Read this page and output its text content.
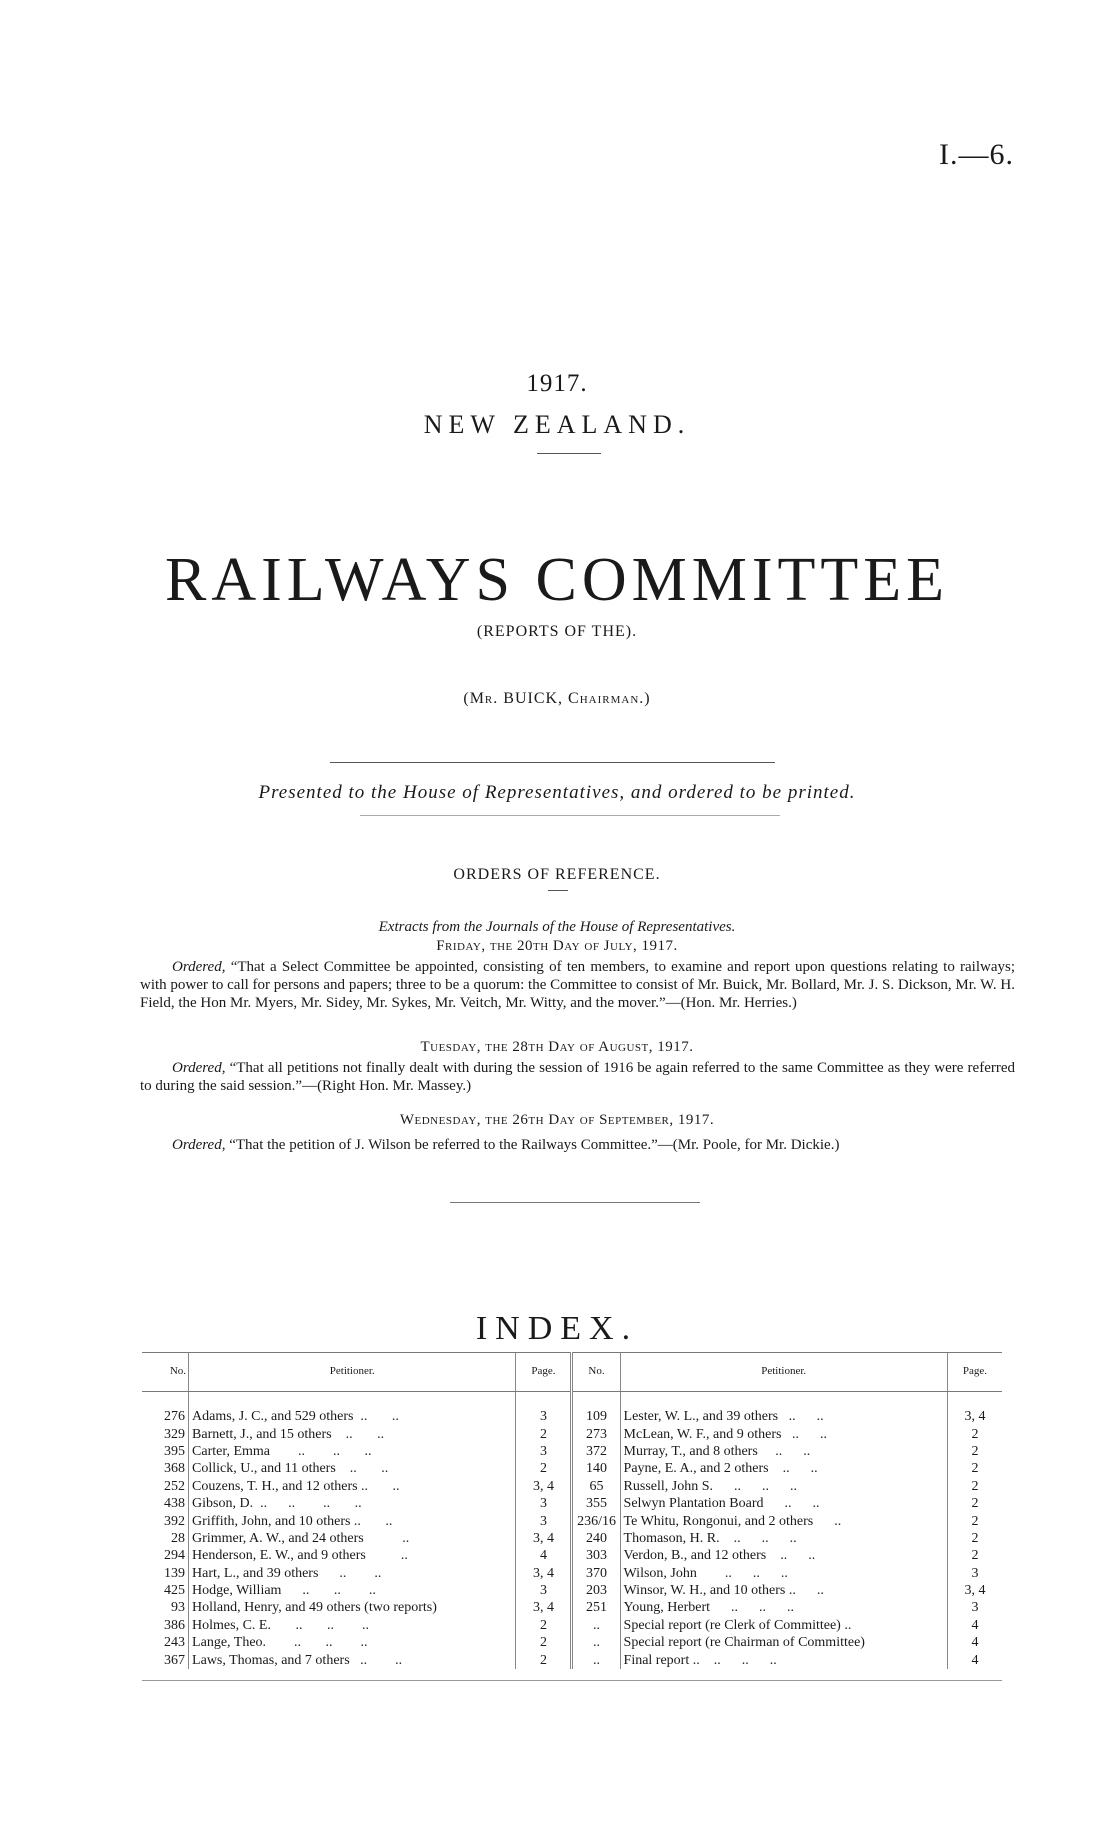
I.—6.
1917.
NEW ZEALAND.
RAILWAYS COMMITTEE
(REPORTS OF THE).
(Mr. BUICK, Chairman.)
Presented to the House of Representatives, and ordered to be printed.
ORDERS OF REFERENCE.
Extracts from the Journals of the House of Representatives.
Friday, the 20th Day of July, 1917.
Ordered, “That a Select Committee be appointed, consisting of ten members, to examine and report upon questions relating to railways; with power to call for persons and papers; three to be a quorum: the Committee to consist of Mr. Buick, Mr. Bollard, Mr. J. S. Dickson, Mr. W. H. Field, the Hon Mr. Myers, Mr. Sidey, Mr. Sykes, Mr. Veitch, Mr. Witty, and the mover.”—(Hon. Mr. Herries.)
Tuesday, the 28th Day of August, 1917.
Ordered, “That all petitions not finally dealt with during the session of 1916 be again referred to the same Committee as they were referred to during the said session.”—(Right Hon. Mr. Massey.)
Wednesday, the 26th Day of September, 1917.
Ordered, “That the petition of J. Wilson be referred to the Railways Committee.”—(Mr. Poole, for Mr. Dickie.)
INDEX.
No.	Petitioner.	Page.	No.	Petitioner.	Page.
276	Adams, J. C., and 529 others  ..       ..	3	109	Lester, W. L., and 39 others   ..      ..	3, 4
329	Barnett, J., and 15 others    ..       ..	2	273	McLean, W. F., and 9 others   ..      ..	2
395	Carter, Emma        ..        ..       ..	3	372	Murray, T., and 8 others     ..      ..	2
368	Collick, U., and 11 others    ..       ..	2	140	Payne, E. A., and 2 others    ..      ..	2
252	Couzens, T. H., and 12 others ..       ..	3, 4	65	Russell, John S.      ..      ..      ..	2
438	Gibson, D.  ..      ..        ..       ..	3	355	Selwyn Plantation Board      ..      ..	2
392	Griffith, John, and 10 others ..       ..	3	236/16	Te Whitu, Rongonui, and 2 others      ..	2
28	Grimmer, A. W., and 24 others           ..	3, 4	240	Thomason, H. R.    ..      ..      ..	2
294	Henderson, E. W., and 9 others          ..	4	303	Verdon, B., and 12 others    ..      ..	2
139	Hart, L., and 39 others      ..        ..	3, 4	370	Wilson, John        ..      ..      ..	3
425	Hodge, William      ..       ..        ..	3	203	Winsor, W. H., and 10 others ..      ..	3, 4
93	Holland, Henry, and 49 others (two reports)	3, 4	251	Young, Herbert      ..      ..      ..	3
386	Holmes, C. E.       ..       ..        ..	2	..	Special report (re Clerk of Committee) ..	4
243	Lange, Theo.        ..       ..        ..	2	..	Special report (re Chairman of Committee)	4
367	Laws, Thomas, and 7 others   ..        ..	2	..	Final report ..    ..      ..      ..	4
